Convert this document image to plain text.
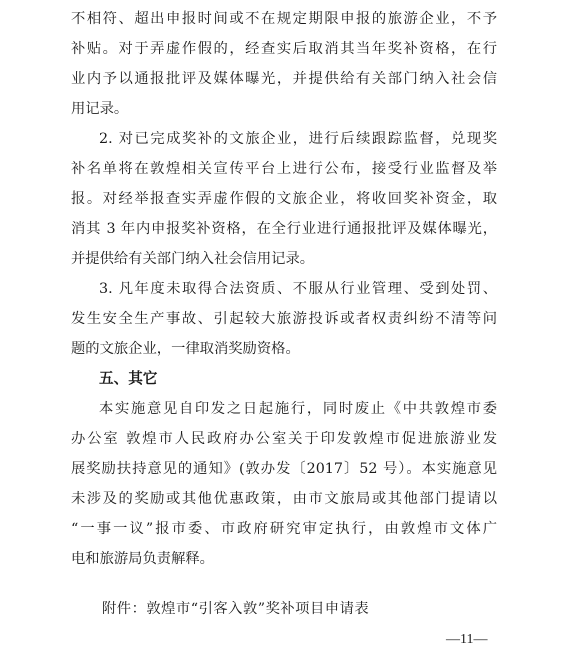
不相符、超出申报时间或不在规定期限申报的旅游企业，不予
补贴。对于弄虚作假的，经查实后取消其当年奖补资格，在行
业内予以通报批评及媒体曝光，并提供给有关部门纳入社会信
用记录。
2. 对已完成奖补的文旅企业，进行后续跟踪监督，兑现奖
补名单将在敦煌相关宣传平台上进行公布，接受行业监督及举
报。对经举报查实弄虚作假的文旅企业，将收回奖补资金，取
消其 3 年内申报奖补资格，在全行业进行通报批评及媒体曝光，
并提供给有关部门纳入社会信用记录。
3. 凡年度未取得合法资质、不服从行业管理、受到处罚、
发生安全生产事故、引起较大旅游投诉或者权责纠纷不清等问
题的文旅企业，一律取消奖励资格。
五、其它
本实施意见自印发之日起施行，同时废止《中共敦煌市委
办公室 敦煌市人民政府办公室关于印发敦煌市促进旅游业发
展奖励扶持意见的通知》(敦办发〔2017〕52 号）。本实施意见
未涉及的奖励或其他优惠政策，由市文旅局或其他部门提请以
“一事一议”报市委、市政府研究审定执行，由敦煌市文体广
电和旅游局负责解释。
附件：敦煌市“引客入敦”奖补项目申请表
—11—
